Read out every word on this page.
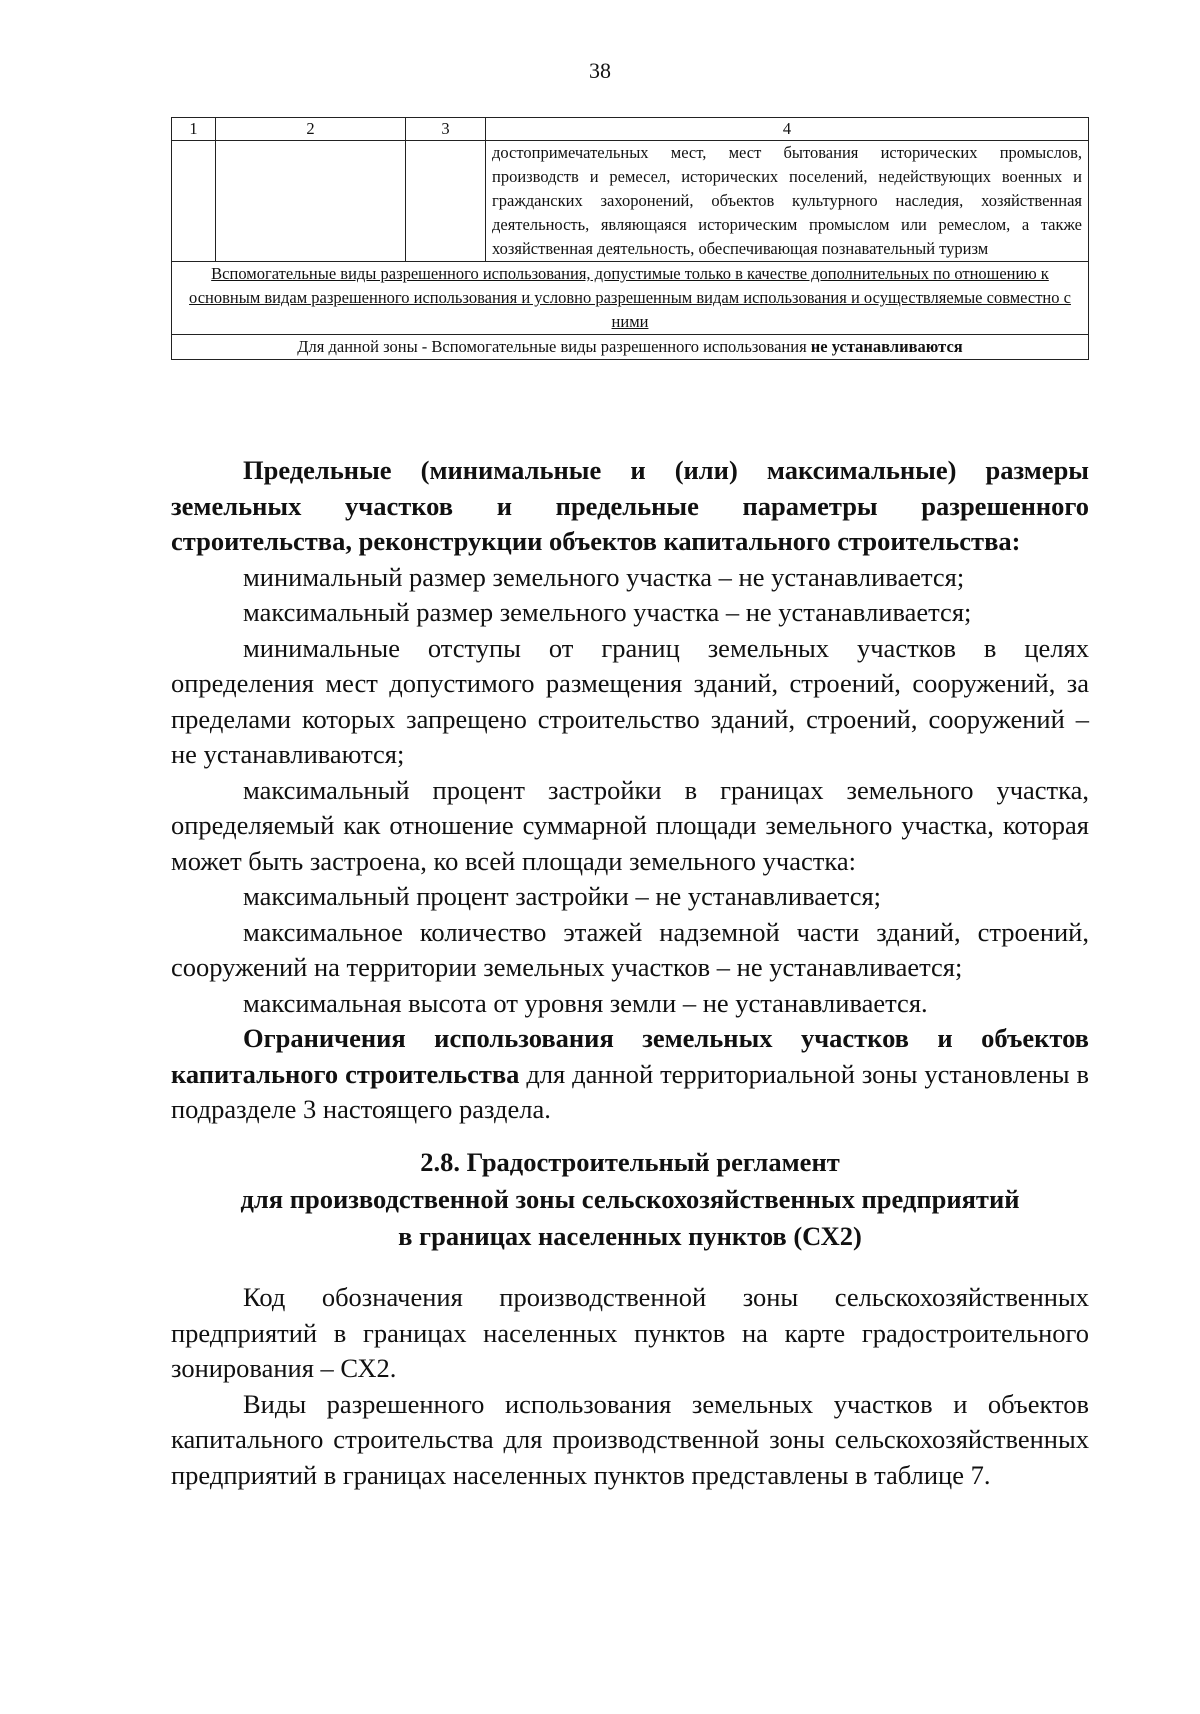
38
1	2	3	4
			достопримечательных мест, мест бытования исторических промыслов, производств и ремесел, исторических поселений, недействующих военных и гражданских захоронений, объектов культурного наследия, хозяйственная деятельность, являющаяся историческим промыслом или ремеслом, а также хозяйственная деятельность, обеспечивающая познавательный туризм
Вспомогательные виды разрешенного использования, допустимые только в качестве дополнительных по отношению к основным видам разрешенного использования и условно разрешенным видам использования и осуществляемые совместно с ними			
Для данной зоны - Вспомогательные виды разрешенного использования не устанавливаются			

Предельные (минимальные и (или) максимальные) размеры земельных участков и предельные параметры разрешенного строительства, реконструкции объектов капитального строительства:

минимальный размер земельного участка – не устанавливается;

максимальный размер земельного участка – не устанавливается;

минимальные отступы от границ земельных участков в целях определения мест допустимого размещения зданий, строений, сооружений, за пределами которых запрещено строительство зданий, строений, сооружений – не устанавливаются;

максимальный процент застройки в границах земельного участка, определяемый как отношение суммарной площади земельного участка, которая может быть застроена, ко всей площади земельного участка:

максимальный процент застройки – не устанавливается;

максимальное количество этажей надземной части зданий, строений, сооружений на территории земельных участков – не устанавливается;

максимальная высота от уровня земли – не устанавливается.

Ограничения использования земельных участков и объектов капитального строительства для данной территориальной зоны установлены в подразделе 3 настоящего раздела.

2.8. Градостроительный регламент
для производственной зоны сельскохозяйственных предприятий
в границах населенных пунктов (СХ2)

Код обозначения производственной зоны сельскохозяйственных предприятий в границах населенных пунктов на карте градостроительного зонирования – СХ2.

Виды разрешенного использования земельных участков и объектов капитального строительства для производственной зоны сельскохозяйственных предприятий в границах населенных пунктов представлены в таблице 7.
